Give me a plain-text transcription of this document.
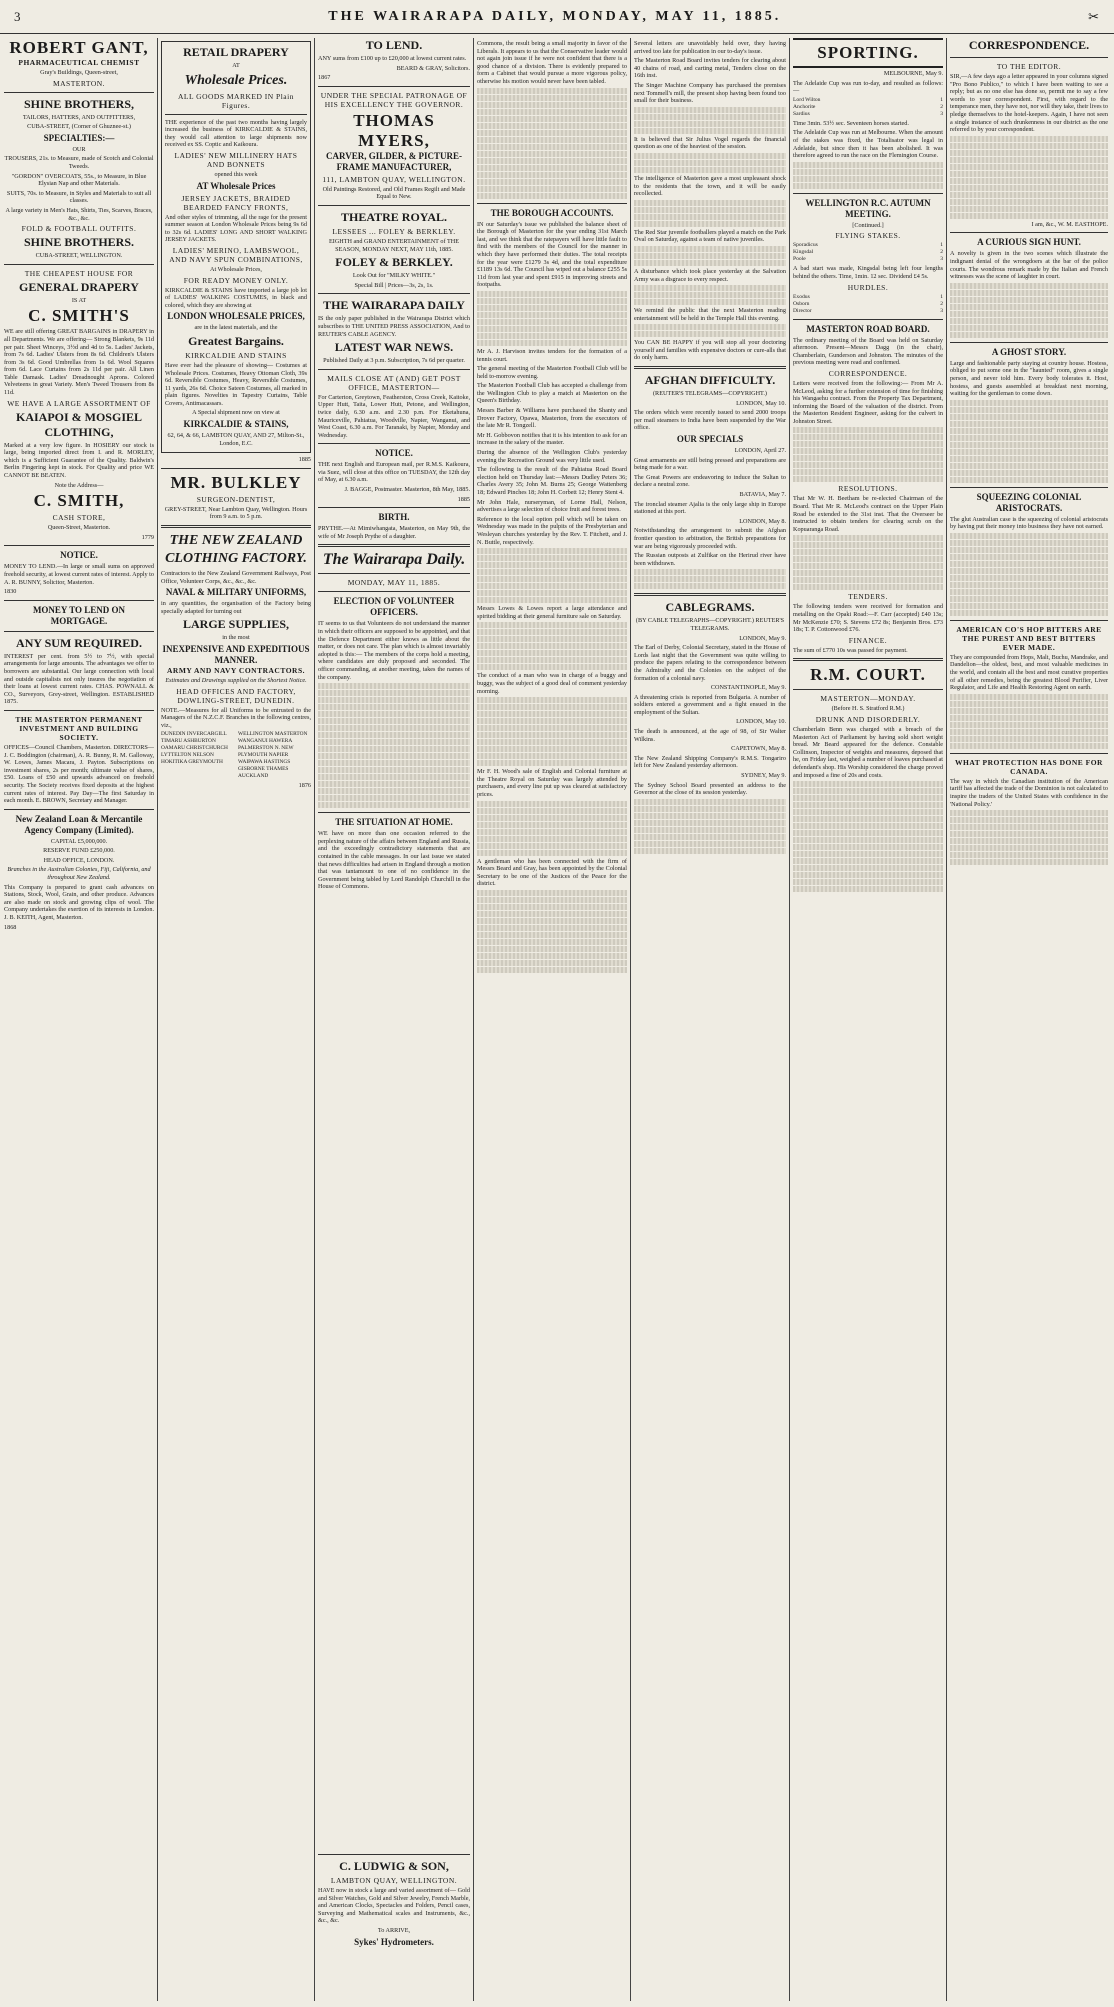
3	THE WAIRARAPA DAILY, MONDAY, MAY 11, 1885.	✂
ROBERT GANT,
PHARMACEUTICAL CHEMIST

Gray's Buildings, Queen-street,

MASTERTON.

SHINE BROTHERS,

TAILORS, HATTERS, AND OUTFITTERS,

CUBA-STREET, (Corner of Ghuznee-st.)

SPECIALTIES:—

OUR

TROUSERS, 21s. to Measure, made of Scotch and Colonial Tweeds.

"GORDON" OVERCOATS, 55s., to Measure, in Blue Elysian Nap and other Materials.

SUITS, 70s. to Measure, in Styles and Materials to suit all classes.

A large variety in Men's Hats, Shirts, Ties, Scarves, Braces, &c., &c.

FOLD & FOOTBALL OUTFITS.

SHINE BROTHERS.

CUBA-STREET, WELLINGTON.

THE CHEAPEST HOUSE FOR

GENERAL DRAPERY

IS AT

C. SMITH'S

WE are still offering GREAT BARGAINS in DRAPERY in all Departments. We are offering— Strong Blankets, 9s 11d per pair. Sheet Winceys, 3½d and 4d to 5s. Ladies' Jackets, from 7s 6d. Ladies' Ulsters from 8s 6d. Children's Ulsters from 3s 6d. Good Umbrellas from 1s 6d. Wool Squares from 6d. Lace Curtains from 2s 11d per pair. All Linen Table Damask. Ladies' Dreadnought Aprons. Colored Velveteens in great Variety. Men's Tweed Trousers from 8s 11d.

WE HAVE A LARGE ASSORTMENT OF

KAIAPOI & MOSGIEL CLOTHING,

Marked at a very low figure. In HOSIERY our stock is large, being imported direct from I. and R. MORLEY, which is a Sufficient Guarantee of the Quality. Baldwin's Berlin Fingering kept in stock. For Quality and price WE CANNOT BE BEATEN.

Note the Address—

C. SMITH,

CASH STORE,

Queen-Street, Masterton.

1779

NOTICE.

MONEY TO LEND.—In large or small sums on approved freehold security, at lowest current rates of interest. Apply to A. R. BUNNY, Solicitor, Masterton.

1830

MONEY TO LEND ON MORTGAGE.
ANY SUM REQUIRED.

INTEREST per cent. from 5½ to 7½, with special arrangements for large amounts. The advantages we offer to borrowers are substantial. Our large connection with local and outside capitalists not only insures the negotiation of their loans at lowest current rates. CHAS. POWNALL & CO., Surveyors, Grey-street, Wellington. ESTABLISHED 1875.

THE MASTERTON PERMANENT INVESTMENT AND BUILDING SOCIETY.

OFFICES—Council Chambers, Masterton. DIRECTORS—J. C. Boddington (chairman), A. R. Bunny, R. M. Galloway, W. Lowes, James Macara, J. Payton. Subscriptions on investment shares, 2s per month; ultimate value of shares, £50. Loans of £50 and upwards advanced on freehold security. The Society receives fixed deposits at the highest current rates of interest. Pay Day—The first Saturday in each month. E. BROWN, Secretary and Manager.

New Zealand Loan & Mercantile Agency Company (Limited).

CAPITAL £5,000,000.

RESERVE FUND £250,000.

HEAD OFFICE, LONDON.

Branches in the Australian Colonies, Fiji, California, and throughout New Zealand.

This Company is prepared to grant cash advances on Stations, Stock, Wool, Grain, and other produce. Advances are also made on stock and growing clips of wool. The Company undertakes the exertion of its interests in London. J. B. KEITH, Agent, Masterton.

1868

RETAIL DRAPERY

AT

Wholesale Prices.

ALL GOODS MARKED IN Plain Figures.

THE experience of the past two months having largely increased the business of KIRKCALDIE & STAINS, they would call attention to large shipments now received ex SS. Coptic and Kaikoura.

LADIES' NEW MILLINERY HATS AND BONNETS

opened this week

AT Wholesale Prices

JERSEY JACKETS, BRAIDED BEARDED FANCY FRONTS,

And other styles of trimming, all the rage for the present summer season at London Wholesale Prices being 9s 6d to 32s 6d. LADIES' LONG AND SHORT WALKING JERSEY JACKETS.

LADIES' MERINO, LAMBSWOOL, AND NAVY SPUN COMBINATIONS,

At Wholesale Prices,

FOR READY MONEY ONLY.

KIRKCALDIE & STAINS have imported a large job lot of LADIES' WALKING COSTUMES, in black and colored, which they are showing at

LONDON WHOLESALE PRICES,

are in the latest materials, and the

Greatest Bargains.

KIRKCALDIE AND STAINS

Have ever had the pleasure of showing— Costumes at Wholesale Prices. Costumes, Heavy Ottoman Cloth, 39s 6d. Reversible Costumes, Heavy, Reversible Costumes, 11 yards, 26s 6d. Choice Sateen Costumes, all marked in plain figures. Novelties in Tapestry Curtains, Table Covers, Antimacassars.

A Special shipment now on view at

KIRKCALDIE & STAINS,

62, 64, & 66, LAMBTON QUAY, AND 27, Milton-St., London, E.C.

1885

MR. BULKLEY

SURGEON-DENTIST,

GREY-STREET, Near Lambton Quay, Wellington. Hours from 9 a.m. to 5 p.m.

THE NEW ZEALAND CLOTHING FACTORY.

Contractors to the New Zealand Government Railways, Post Office, Volunteer Corps, &c., &c., &c.

NAVAL & MILITARY UNIFORMS,

in any quantities, the organisation of the Factory being specially adapted for turning out

LARGE SUPPLIES,

in the most

INEXPENSIVE AND EXPEDITIOUS MANNER.
ARMY AND NAVY CONTRACTORS.

Estimates and Drawings supplied on the Shortest Notice.

HEAD OFFICES AND FACTORY, DOWLING-STREET, DUNEDIN.

NOTE.—Measures for all Uniforms to be entrusted to the Managers of the N.Z.C.F. Branches in the following centres, viz.,

DUNEDIN INVERCARGILL TIMARU ASHBURTON OAMARU CHRISTCHURCH LYTTELTON NELSON HOKITIKA GREYMOUTH
WELLINGTON MASTERTON WANGANUI HAWERA PALMERSTON N. NEW PLYMOUTH NAPIER WAIPAWA HASTINGS GISBORNE THAMES AUCKLAND

1876

TO LEND.

ANY sums from £100 up to £20,000 at lowest current rates.

BEARD & GRAY, Solicitors.

1867

UNDER THE SPECIAL PATRONAGE OF HIS EXCELLENCY THE GOVERNOR.

THOMAS MYERS,
CARVER, GILDER, & PICTURE-FRAME MANUFACTURER,

111, LAMBTON QUAY, WELLINGTON.

Old Paintings Restored, and Old Frames Regilt and Made Equal to New.

THEATRE ROYAL.

LESSEES ... FOLEY & BERKLEY.

EIGHTH and GRAND ENTERTAINMENT of THE SEASON, MONDAY NEXT, MAY 11th, 1885.

FOLEY & BERKLEY.

Look Out for "MILKY WHITE."

Special Bill | Prices—3s, 2s, 1s.

THE WAIRARAPA DAILY

IS the only paper published in the Wairarapa District which subscribes to THE UNITED PRESS ASSOCIATION, And to REUTER'S CABLE AGENCY.

LATEST WAR NEWS.

Published Daily at 3 p.m. Subscription, 7s 6d per quarter.

MAILS CLOSE AT (AND) GET POST OFFICE, MASTERTON—

For Carterton, Greytown, Featherston, Cross Creek, Kaitoke, Upper Hutt, Taita, Lower Hutt, Petone, and Wellington, twice daily, 6.30 a.m. and 2.30 p.m. For Eketahuna, Mauriceville, Pahiatua, Woodville, Napier, Wanganui, and West Coast, 6.30 a.m. For Taranaki, by Napier, Monday and Wednesday.

NOTICE.

THE next English and European mail, per R.M.S. Kaikoura, via Suez, will close at this office on TUESDAY, the 12th day of May, at 6.30 a.m.

J. BAGGE, Postmaster. Masterton, 8th May, 1885.

1885

BIRTH.

PRYTHE.—At Mimiwhangata, Masterton, on May 9th, the wife of Mr Joseph Prythe of a daughter.

The Wairarapa Daily.

MONDAY, MAY 11, 1885.

ELECTION OF VOLUNTEER OFFICERS.

IT seems to us that Volunteers do not understand the manner in which their officers are supposed to be appointed, and that the Defence Department either knows as little about the matter, or does not care. The plan which is almost invariably adopted is this:— The members of the corps hold a meeting, where candidates are duly proposed and seconded. The officer commanding, at another meeting, takes the names of the company.

THE SITUATION AT HOME.

WE have on more than one occasion referred to the perplexing nature of the affairs between England and Russia, and the exceedingly contradictory statements that are contained in the cable messages. In our last issue we stated that news difficulties had arisen in England through a motion that was tantamount to one of no confidence in the Government being tabled by Lord Randolph Churchill in the House of Commons.

Commons, the result being a small majority in favor of the Liberals. It appears to us that the Conservative leader would not again join issue if he were not confident that there is a good chance of a division. There is evidently prepared to form a Cabinet that would pursue a more vigorous policy, otherwise his motion would never have been tabled.

THE BOROUGH ACCOUNTS.

IN our Saturday's issue we published the balance sheet of the Borough of Masterton for the year ending 31st March last, and we think that the ratepayers will have little fault to find with the members of the Council for the manner in which they have performed their duties. The total receipts for the year were £1279 3s 4d, and the total expenditure £1189 13s 6d. The Council has wiped out a balance £255 5s 11d from last year and spent £915 in improving streets and footpaths.

Mr A. J. Harvison invites tenders for the formation of a tennis court.

The general meeting of the Masterton Football Club will be held to-morrow evening.

The Masterton Football Club has accepted a challenge from the Wellington Club to play a match at Masterton on the Queen's Birthday.

Messrs Barber & Williams have purchased the Shanty and Drover Factory, Opawa, Masterton, from the executors of the late Mr R. Tongzell.

Mr H. Gobbovon notifies that it is his intention to ask for an increase in the salary of the master.

During the absence of the Wellington Club's yesterday evening the Recreation Ground was very little used.

The following is the result of the Pahiatua Road Board election held on Thursday last:—Messrs Dudley Peters 36; Charles Avery 35; John M. Burns 25; George Wattenberg 18; Edward Pinches 18; John H. Corbett 12; Henry Stent 4.

Mr John Hale, nurseryman, of Lorne Hall, Nelson, advertises a large selection of choice fruit and forest trees.

Reference to the local option poll which will be taken on Wednesday was made in the pulpits of the Presbyterian and Wesleyan churches yesterday by the Rev. T. Fitchett, and J. N. Buttle, respectively.

Messrs Lowes & Lowes report a large attendance and spirited bidding at their general furniture sale on Saturday.

The conduct of a man who was in charge of a buggy and buggy, was the subject of a good deal of comment yesterday morning.

Mr F. H. Wood's sale of English and Colonial furniture at the Theatre Royal on Saturday was largely attended by purchasers, and every line put up was cleared at satisfactory prices.

A gentleman who has been connected with the firm of Messrs Beard and Gray, has been appointed by the Colonial Secretary to be one of the Justices of the Peace for the district.

Several letters are unavoidably held over, they having arrived too late for publication in our to-day's issue.

The Masterton Road Board invites tenders for clearing about 40 chains of road, and carting metal, Tenders close on the 16th inst.

The Singer Machine Company has purchased the premises next Tommell's mill, the present shop having been found too small for their business.

It is believed that Sir Julius Vogel regards the financial question as one of the heaviest of the session.

The intelligence of Masterton gave a most unpleasant shock to the residents that the town, and it will be easily recollected.

The Red Star juvenile footballers played a match on the Park Oval on Saturday, against a team of native juveniles.

A disturbance which took place yesterday at the Salvation Army was a disgrace to every respect.

We remind the public that the next Masterton reading entertainment will be held in the Temple Hall this evening.

You CAN BE HAPPY if you will stop all your doctoring yourself and families with expensive doctors or cure-alls that do only harm.

AFGHAN DIFFICULTY.

(REUTER'S TELEGRAMS—COPYRIGHT.)

LONDON, May 10.

The orders which were recently issued to send 2000 troops per mail steamers to India have been suspended by the War office.

OUR SPECIALS

LONDON, April 27.

Great armaments are still being pressed and preparations are being made for a war.

The Great Powers are endeavoring to induce the Sultan to declare a neutral zone.

BATAVIA, May 7.

The ironclad steamer Ajalia is the only large ship in Europe stationed at this port.

LONDON, May 8.

Notwithstanding the arrangement to submit the Afghan frontier question to arbitration, the British preparations for war are being vigorously proceeded with.

The Russian outposts at Zulfikar on the Herirud river have been withdrawn.

CABLEGRAMS.

(BY CABLE TELEGRAPHS—COPYRIGHT.) REUTER'S TELEGRAMS.

LONDON, May 9.

The Earl of Derby, Colonial Secretary, stated in the House of Lords last night that the Government was quite willing to produce the papers relating to the correspondence between the Admiralty and the Colonies on the subject of the formation of a colonial navy.

CONSTANTINOPLE, May 9.

A threatening crisis is reported from Bulgaria. A number of soldiers entered a government and a fight ensued in the employment of the Sultan.

LONDON, May 10.

The death is announced, at the age of 98, of Sir Walter Wilkins.

CAPETOWN, May 8.

The New Zealand Shipping Company's R.M.S. Tongariro left for New Zealand yesterday afternoon.

SYDNEY, May 9.

The Sydney School Board presented an address to the Governor at the close of its session yesterday.

SPORTING.

MELBOURNE, May 9.

The Adelaide Cup was run to-day, and resulted as follows:—

Lord Wilton	1
Anchorite	2
Sardius	3

Time 3min. 53½ sec. Seventeen horses started.

The Adelaide Cup was run at Melbourne. When the amount of the stakes was fixed, the Totalisator was legal in Adelaide, but since then it has been abolished. It was therefore agreed to run the race on the Flemington Course.

WELLINGTON R.C. AUTUMN MEETING.

[Continued.]

FLYING STAKES.

Sporadicus	1
Kingsdal	2
Poole	3

A bad start was made, Kingsdal being left four lengths behind the others. Time, 1min. 12 sec. Dividend £4 5s.

HURDLES.

Exodus	1
Osborn	2
Director	3
MASTERTON ROAD BOARD.

The ordinary meeting of the Board was held on Saturday afternoon. Present—Messrs Dagg (in the chair), Chamberlain, Gunderson and Johnston. The minutes of the previous meeting were read and confirmed.

CORRESPONDENCE.

Letters were received from the following:— From Mr A. McLeod, asking for a further extension of time for finishing his Wangaehu contract. From the Property Tax Department, informing the Board of the valuation of the district. From the Masterton Resident Engineer, asking for the culvert in Johnston Street.

RESOLUTIONS.

That Mr W. H. Beetham be re-elected Chairman of the Board. That Mr R. McLeod's contract on the Upper Plain Road be extended to the 31st inst. That the Overseer be instructed to obtain tenders for clearing scrub on the Kopuaranga Road.

TENDERS.

The following tenders were received for formation and metalling on the Opaki Road:—F. Carr (accepted) £40 13s; Mr McKenzie £70; S. Stevens £72 8s; Benjamin Bros. £73 18s; T. P. Cottonwood £76.

FINANCE.

The sum of £770 10s was passed for payment.

R.M. COURT.

MASTERTON—MONDAY.

(Before H. S. Stratford R.M.)

DRUNK AND DISORDERLY.

Chamberlain Benn was charged with a breach of the Masterton Act of Parliament by having sold short weight bread. Mr Beard appeared for the defence. Constable Collinson, Inspector of weights and measures, deposed that he, on Friday last, weighed a number of loaves purchased at defendant's shop. His Worship considered the charge proved and imposed a fine of 20s and costs.

CORRESPONDENCE.

TO THE EDITOR.

SIR,—A few days ago a letter appeared in your columns signed "Pro Bono Publico," to which I have been waiting to see a reply; but as no one else has done so, permit me to say a few words to your correspondent. First, with regard to the temperance men, they have not, nor will they take, their lives to pledge themselves to the hotel-keepers. Again, I have not seen a single instance of such drunkenness in our district as the one referred to by your correspondent.

I am, &c., W. M. EASTHOPE.

A CURIOUS SIGN HUNT.

A novelty is given in the two scenes which illustrate the indignant denial of the wrongdoers at the bar of the police courts. The wondrous remark made by the Italian and French witnesses was the scene of laughter in court.

A GHOST STORY.

Large and fashionable party staying at country house. Hostess, obliged to put some one in the "haunted" room, gives a single person, and never told him. Every body tolerates it. Host, hostess, and guests assembled at breakfast next morning, waiting for the gentleman to come down.

SQUEEZING COLONIAL ARISTOCRATS.

The glut Australian case is the squeezing of colonial aristocrats by having put their money into business they have not earned.

AMERICAN CO'S HOP BITTERS ARE THE PUREST AND BEST BITTERS EVER MADE.

They are compounded from Hops, Malt, Buchu, Mandrake, and Dandelion—the oldest, best, and most valuable medicines in the world, and contain all the best and most curative properties of all other remedies, being the greatest Blood Purifier, Liver Regulator, and Life and Health Restoring Agent on earth.

WHAT PROTECTION HAS DONE FOR CANADA.

The way in which the Canadian institution of the American tariff has affected the trade of the Dominion is not calculated to inspire the traders of the United States with confidence in the 'National Policy.'

C. LUDWIG & SON,

LAMBTON QUAY, WELLINGTON.

HAVE now in stock a large and varied assortment of— Gold and Silver Watches, Gold and Silver Jewelry, French Marble, and American Clocks, Spectacles and Folders, Pencil cases, Surveying and Mathematical scales and Instruments, &c., &c., &c.

To ARRIVE,

Sykes' Hydrometers.
